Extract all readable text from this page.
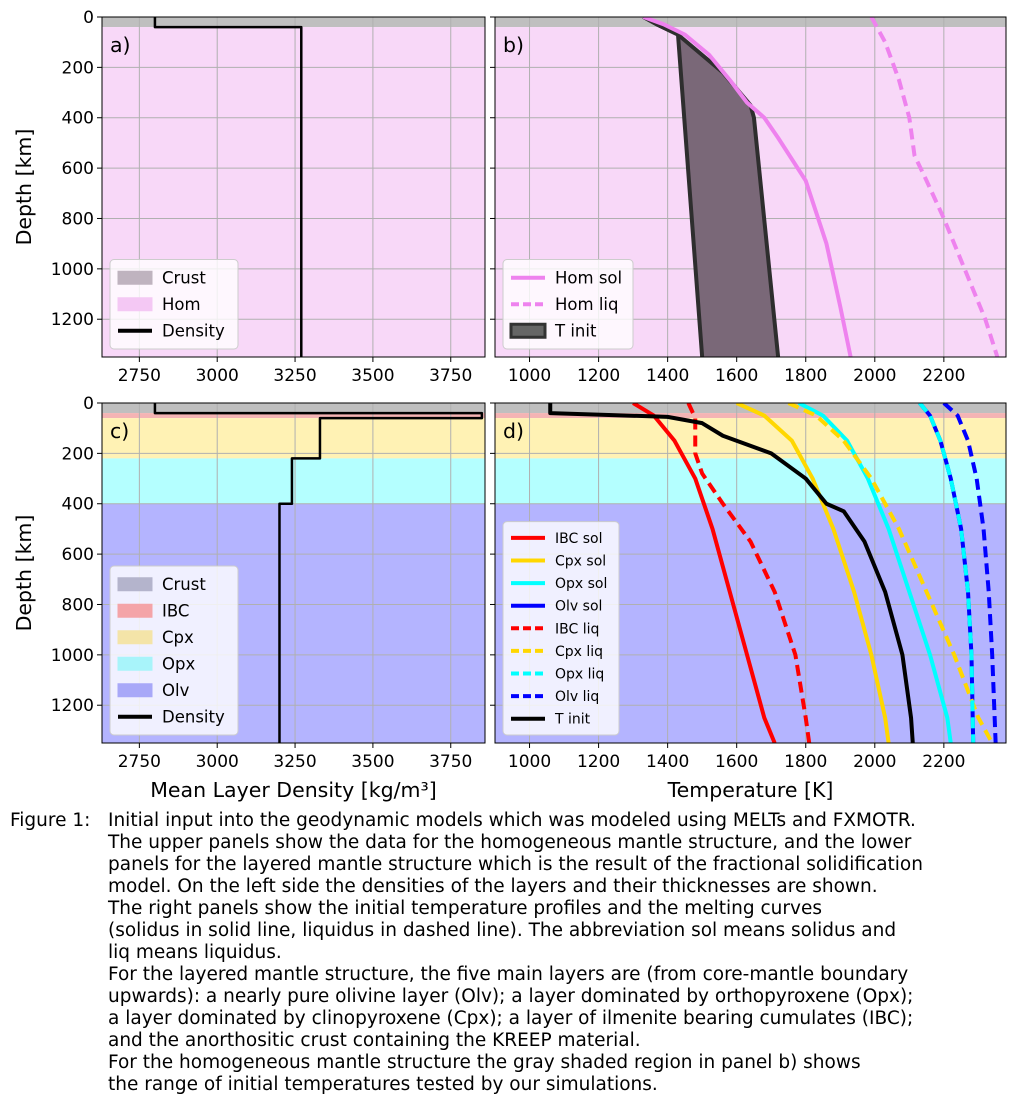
2750 3000 3250 3500 3750
0
200
400
600
800
1000
1200
Depth [km]
a)
Crust
Hom
Density
1000 1200 1400 1600 1800 2000 2200
b)
Hom sol
Hom liq
T init
2750 3000 3250 3500 3750
0
200
400
600
800
1000
1200
Depth [km]
Mean Layer Density [kg/m³]
c)
Crust
IBC
Cpx
Opx
Olv
Density
1000 1200 1400 1600 1800 2000 2200
Temperature [K]
d)
IBC sol
Cpx sol
Opx sol
Olv sol
IBC liq
Cpx liq
Opx liq
Olv liq
T init
Figure 1: Initial input into the geodynamic models which was modeled using MELTs and FXMOTR.
The upper panels show the data for the homogeneous mantle structure, and the lower
panels for the layered mantle structure which is the result of the fractional solidification
model. On the left side the densities of the layers and their thicknesses are shown.
The right panels show the initial temperature profiles and the melting curves
(solidus in solid line, liquidus in dashed line). The abbreviation sol means solidus and
liq means liquidus.
For the layered mantle structure, the five main layers are (from core-mantle boundary
upwards): a nearly pure olivine layer (Olv); a layer dominated by orthopyroxene (Opx);
a layer dominated by clinopyroxene (Cpx); a layer of ilmenite bearing cumulates (IBC);
and the anorthositic crust containing the KREEP material.
For the homogeneous mantle structure the gray shaded region in panel b) shows
the range of initial temperatures tested by our simulations.
